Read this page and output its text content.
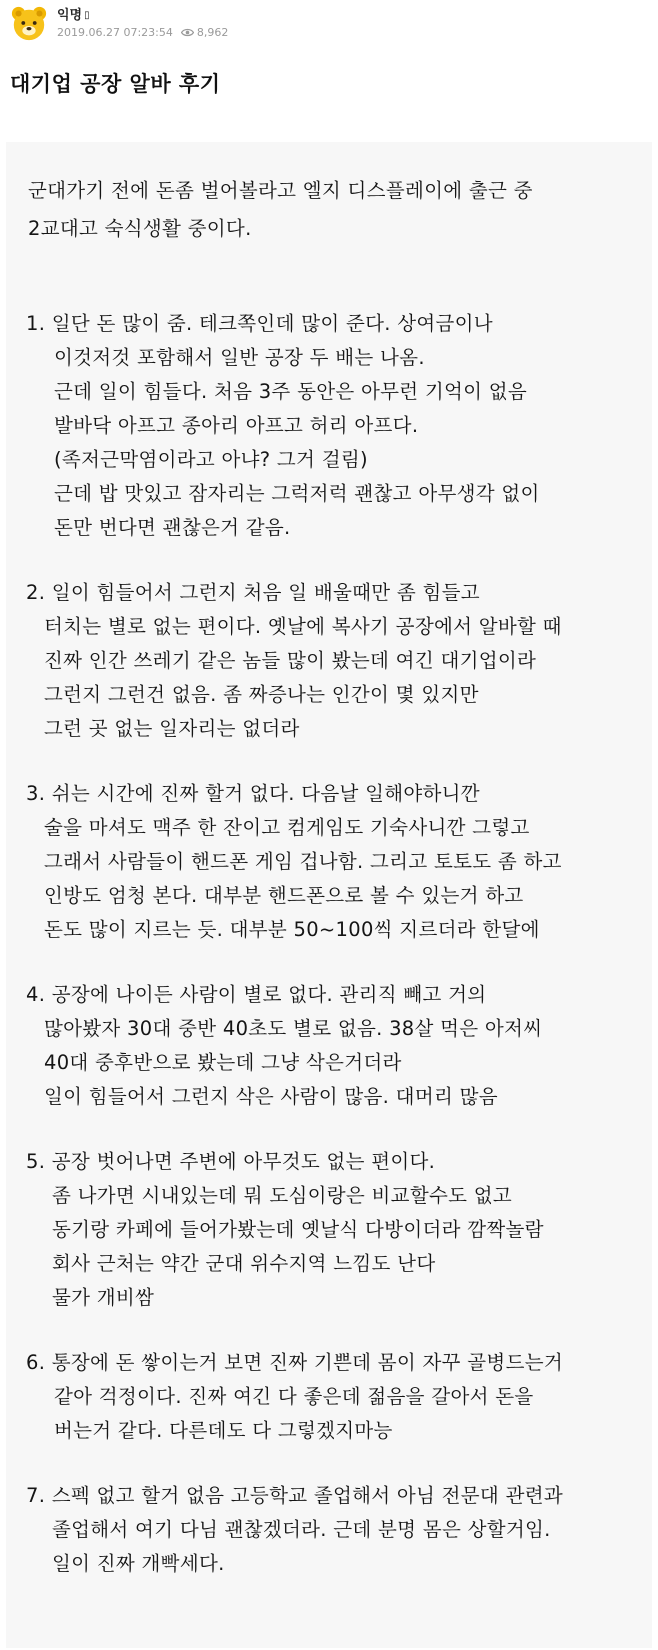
익명 ▯
2019.06.27 07:23:54 8,962
대기업 공장 알바 후기
군대가기 전에 돈좀 벌어볼라고 엘지 디스플레이에 출근 중
2교대고 숙식생활 중이다.
1. 일단 돈 많이 줌. 테크쪽인데 많이 준다. 상여금이나
이것저것 포함해서 일반 공장 두 배는 나옴.
근데 일이 힘들다. 처음 3주 동안은 아무런 기억이 없음
발바닥 아프고 종아리 아프고 허리 아프다.
(족저근막염이라고 아냐? 그거 걸림)
근데 밥 맛있고 잠자리는 그럭저럭 괜찮고 아무생각 없이
돈만 번다면 괜찮은거 같음.
2. 일이 힘들어서 그런지 처음 일 배울때만 좀 힘들고
터치는 별로 없는 편이다. 옛날에 복사기 공장에서 알바할 때
진짜 인간 쓰레기 같은 놈들 많이 봤는데 여긴 대기업이라
그런지 그런건 없음. 좀 짜증나는 인간이 몇 있지만
그런 곳 없는 일자리는 없더라
3. 쉬는 시간에 진짜 할거 없다. 다음날 일해야하니깐
술을 마셔도 맥주 한 잔이고 컴게임도 기숙사니깐 그렇고
그래서 사람들이 핸드폰 게임 겁나함. 그리고 토토도 좀 하고
인방도 엄청 본다. 대부분 핸드폰으로 볼 수 있는거 하고
돈도 많이 지르는 듯. 대부분 50~100씩 지르더라 한달에
4. 공장에 나이든 사람이 별로 없다. 관리직 빼고 거의
많아봤자 30대 중반 40초도 별로 없음. 38살 먹은 아저씨
40대 중후반으로 봤는데 그냥 삭은거더라
일이 힘들어서 그런지 삭은 사람이 많음. 대머리 많음
5. 공장 벗어나면 주변에 아무것도 없는 편이다.
좀 나가면 시내있는데 뭐 도심이랑은 비교할수도 없고
동기랑 카페에 들어가봤는데 옛날식 다방이더라 깜짝놀람
회사 근처는 약간 군대 위수지역 느낌도 난다
물가 개비쌈
6. 통장에 돈 쌓이는거 보면 진짜 기쁜데 몸이 자꾸 골병드는거
같아 걱정이다. 진짜 여긴 다 좋은데 젊음을 갈아서 돈을
버는거 같다. 다른데도 다 그렇겠지마능
7. 스펙 없고 할거 없음 고등학교 졸업해서 아님 전문대 관련과
졸업해서 여기 다님 괜찮겠더라. 근데 분명 몸은 상할거임.
일이 진짜 개빡세다.
